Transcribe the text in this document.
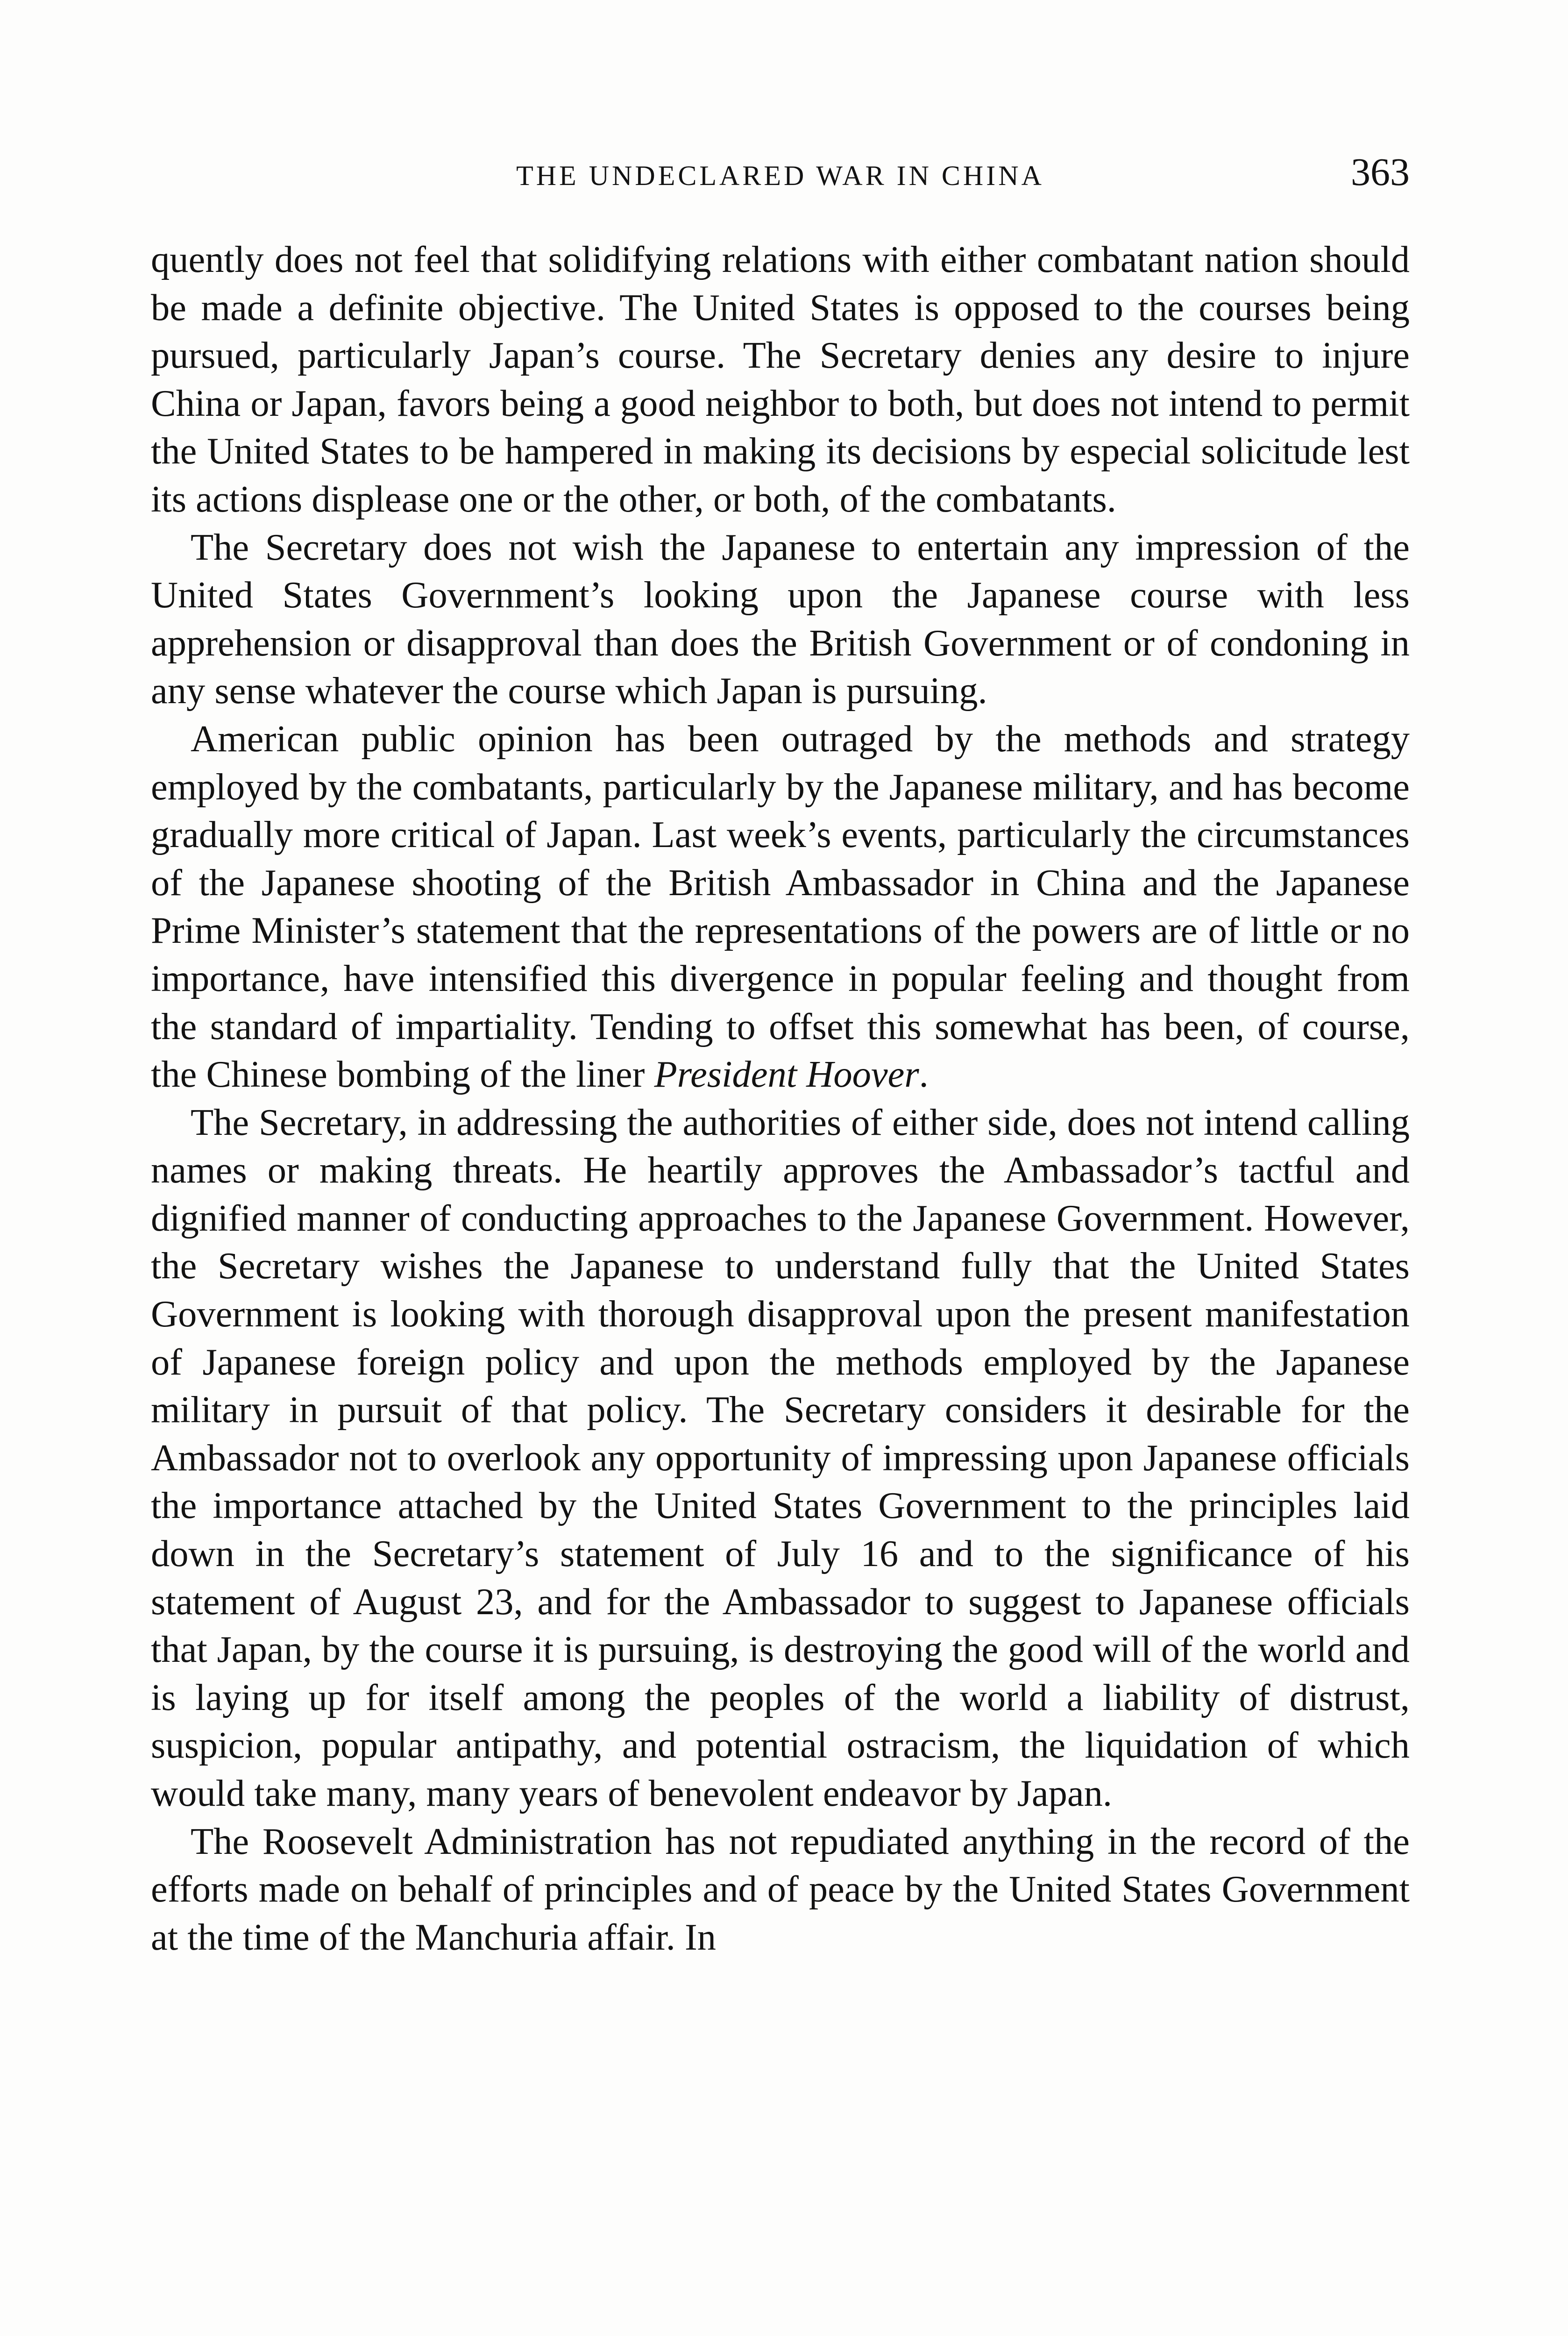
THE UNDECLARED WAR IN CHINA	363

quently does not feel that solidifying relations with either combatant nation should be made a definite objective. The United States is opposed to the courses being pursued, particularly Japan’s course. The Secretary denies any desire to injure China or Japan, favors being a good neighbor to both, but does not intend to permit the United States to be hampered in making its decisions by especial solicitude lest its actions displease one or the other, or both, of the combatants.

The Secretary does not wish the Japanese to entertain any impression of the United States Government’s looking upon the Japanese course with less apprehension or disapproval than does the British Government or of condoning in any sense whatever the course which Japan is pursuing.

American public opinion has been outraged by the methods and strategy employed by the combatants, particularly by the Japanese military, and has become gradually more critical of Japan. Last week’s events, particularly the circumstances of the Japanese shooting of the British Ambassador in China and the Japanese Prime Minister’s statement that the representations of the powers are of little or no importance, have intensified this divergence in popular feeling and thought from the standard of impartiality. Tending to offset this somewhat has been, of course, the Chinese bombing of the liner President Hoover.

The Secretary, in addressing the authorities of either side, does not intend calling names or making threats. He heartily approves the Ambassador’s tactful and dignified manner of conducting approaches to the Japanese Government. However, the Secretary wishes the Japanese to understand fully that the United States Government is looking with thorough disapproval upon the present manifestation of Japanese foreign policy and upon the methods employed by the Japanese military in pursuit of that policy. The Secretary considers it desirable for the Ambassador not to overlook any opportunity of impressing upon Japanese officials the importance attached by the United States Government to the principles laid down in the Secretary’s statement of July 16 and to the significance of his statement of August 23, and for the Ambassador to suggest to Japanese officials that Japan, by the course it is pursuing, is destroying the good will of the world and is laying up for itself among the peoples of the world a liability of distrust, suspicion, popular antipathy, and potential ostracism, the liquidation of which would take many, many years of benevolent endeavor by Japan.

The Roosevelt Administration has not repudiated anything in the record of the efforts made on behalf of principles and of peace by the United States Government at the time of the Manchuria affair. In
